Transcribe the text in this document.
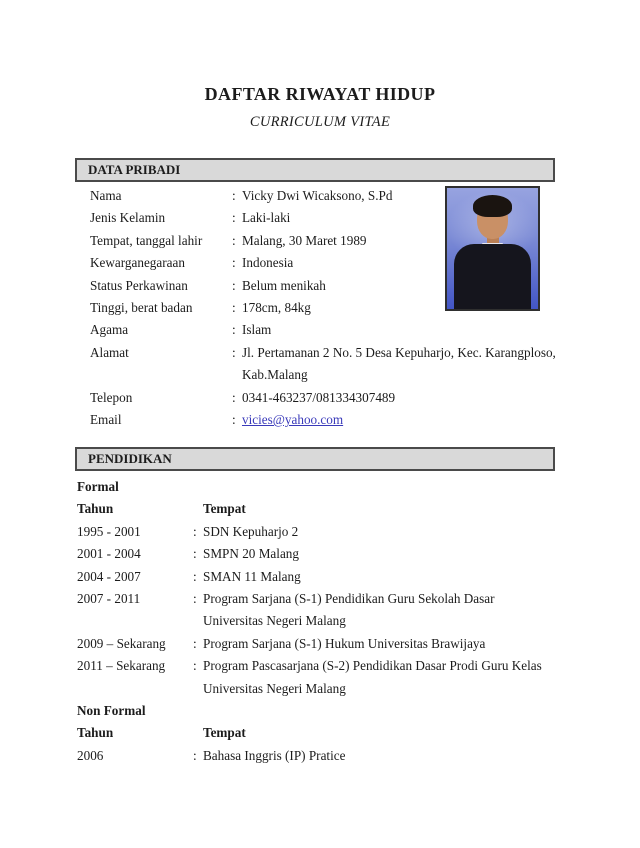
DAFTAR RIWAYAT HIDUP
CURRICULUM VITAE
DATA PRIBADI
Nama :	Vicky Dwi Wicaksono, S.Pd
Jenis Kelamin :	Laki-laki
Tempat, tanggal lahir :	Malang, 30 Maret 1989
Kewarganegaraan :	Indonesia
Status Perkawinan :	Belum menikah
Tinggi, berat badan :	178cm, 84kg
Agama :	Islam
Alamat :	Jl. Pertamanan 2 No. 5 Desa Kepuharjo, Kec. Karangploso, Kab.Malang
Telepon :	0341-463237/081334307489
Email :	vicies@yahoo.com
PENDIDIKAN
Formal
Tahun	Tempat
1995 - 2001 :	SDN Kepuharjo 2
2001 - 2004 :	SMPN 20 Malang
2004 - 2007 :	SMAN 11 Malang
2007 - 2011 :	Program Sarjana (S-1) Pendidikan Guru Sekolah Dasar Universitas Negeri Malang
2009 – Sekarang :	Program Sarjana (S-1) Hukum Universitas Brawijaya
2011 – Sekarang :	Program Pascasarjana (S-2) Pendidikan Dasar Prodi Guru Kelas Universitas Negeri Malang
Non Formal
Tahun	Tempat
2006 :	Bahasa Inggris (IP) Pratice
